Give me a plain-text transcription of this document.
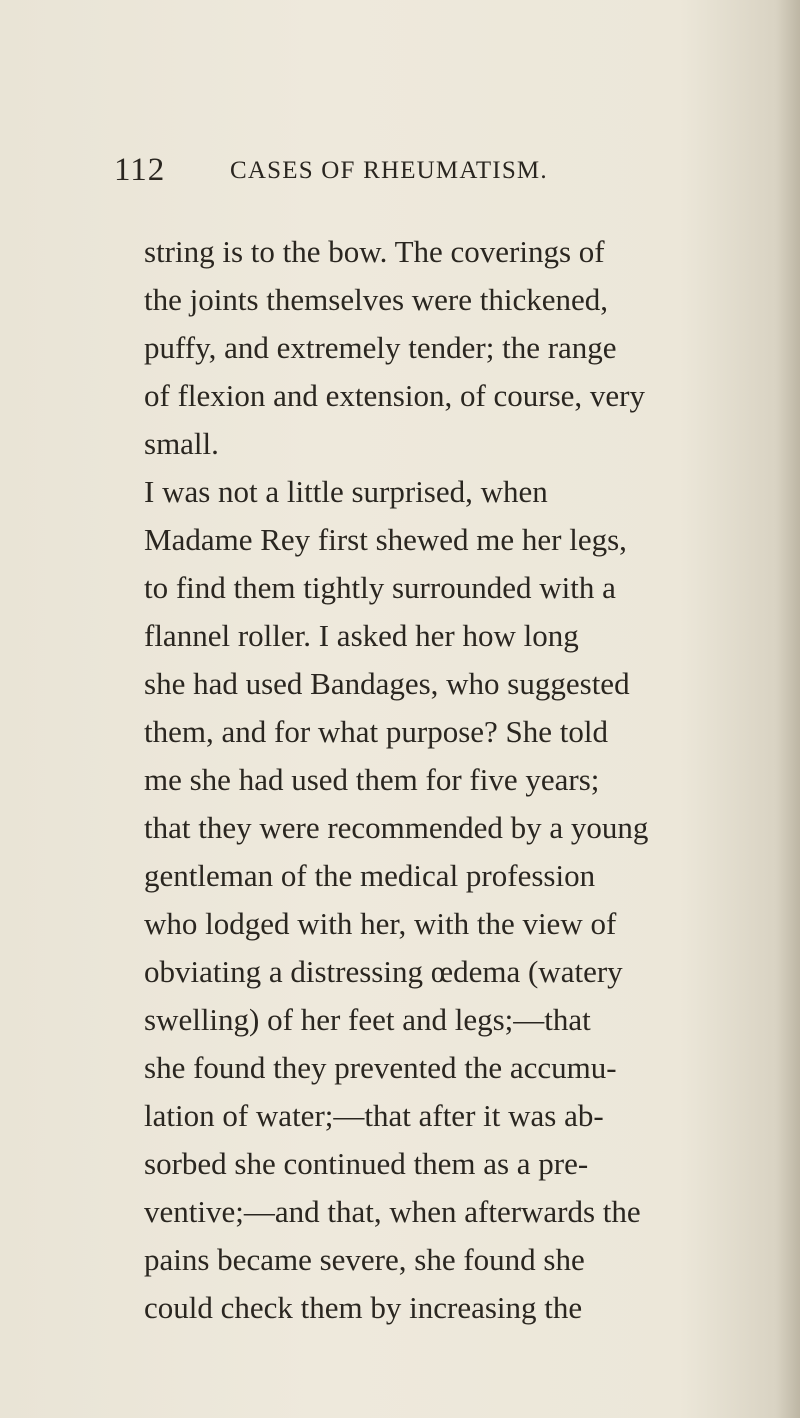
112	CASES OF RHEUMATISM.
string is to the bow. The coverings of
the joints themselves were thickened,
puffy, and extremely tender; the range
of flexion and extension, of course, very
small.
I was not a little surprised, when
Madame Rey first shewed me her legs,
to find them tightly surrounded with a
flannel roller. I asked her how long
she had used Bandages, who suggested
them, and for what purpose? She told
me she had used them for five years;
that they were recommended by a young
gentleman of the medical profession
who lodged with her, with the view of
obviating a distressing œdema (watery
swelling) of her feet and legs;—that
she found they prevented the accumu-
lation of water;—that after it was ab-
sorbed she continued them as a pre-
ventive;—and that, when afterwards the
pains became severe, she found she
could check them by increasing the
